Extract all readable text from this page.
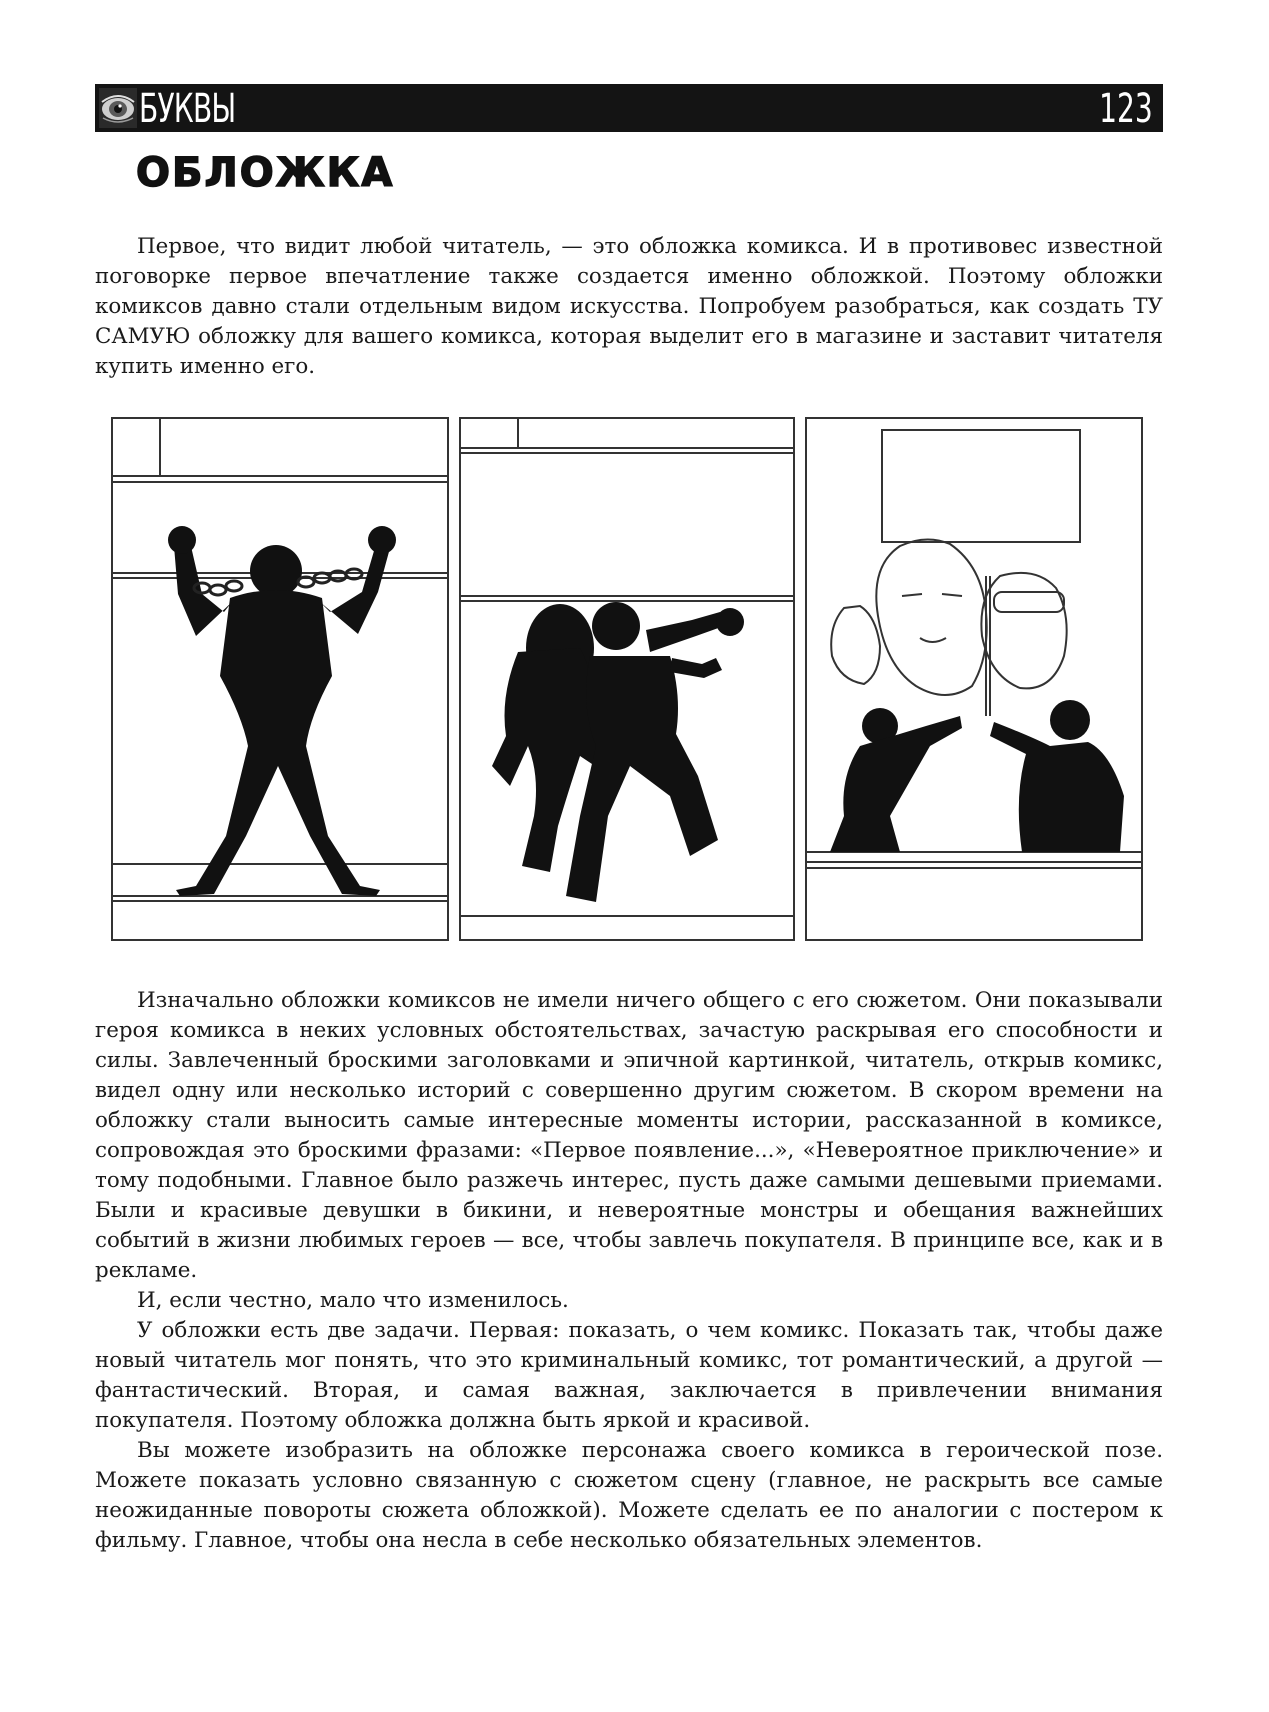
БУКВЫ	123
ОБЛОЖКА

Первое, что видит любой читатель, — это обложка комикса. И в противовес известной поговорке первое впечатление также создается именно обложкой. Поэтому обложки комиксов давно стали отдельным видом искусства. Попробуем разобраться, как создать ТУ САМУЮ обложку для вашего комикса, которая выделит его в магазине и заставит читателя купить именно его.

Изначально обложки комиксов не имели ничего общего с его сюжетом. Они показывали героя комикса в неких условных обстоятельствах, зачастую раскрывая его способности и силы. Завлеченный броскими заголовками и эпичной картинкой, читатель, открыв комикс, видел одну или несколько историй с совершенно другим сюжетом. В скором времени на обложку стали выносить самые интересные моменты истории, рассказанной в комиксе, сопровождая это броскими фразами: «Первое появление...», «Невероятное приключение» и тому подобными. Главное было разжечь интерес, пусть даже самыми дешевыми приемами. Были и красивые девушки в бикини, и невероятные монстры и обещания важнейших событий в жизни любимых героев — все, чтобы завлечь покупателя. В принципе все, как и в рекламе.

И, если честно, мало что изменилось.

У обложки есть две задачи. Первая: показать, о чем комикс. Показать так, чтобы даже новый читатель мог понять, что это криминальный комикс, тот романтический, а другой — фантастический. Вторая, и самая важная, заключается в привлечении внимания покупателя. Поэтому обложка должна быть яркой и красивой.

Вы можете изобразить на обложке персонажа своего комикса в героической позе. Можете показать условно связанную с сюжетом сцену (главное, не раскрыть все самые неожиданные повороты сюжета обложкой). Можете сделать ее по аналогии с постером к фильму. Главное, чтобы она несла в себе несколько обязательных элементов.
